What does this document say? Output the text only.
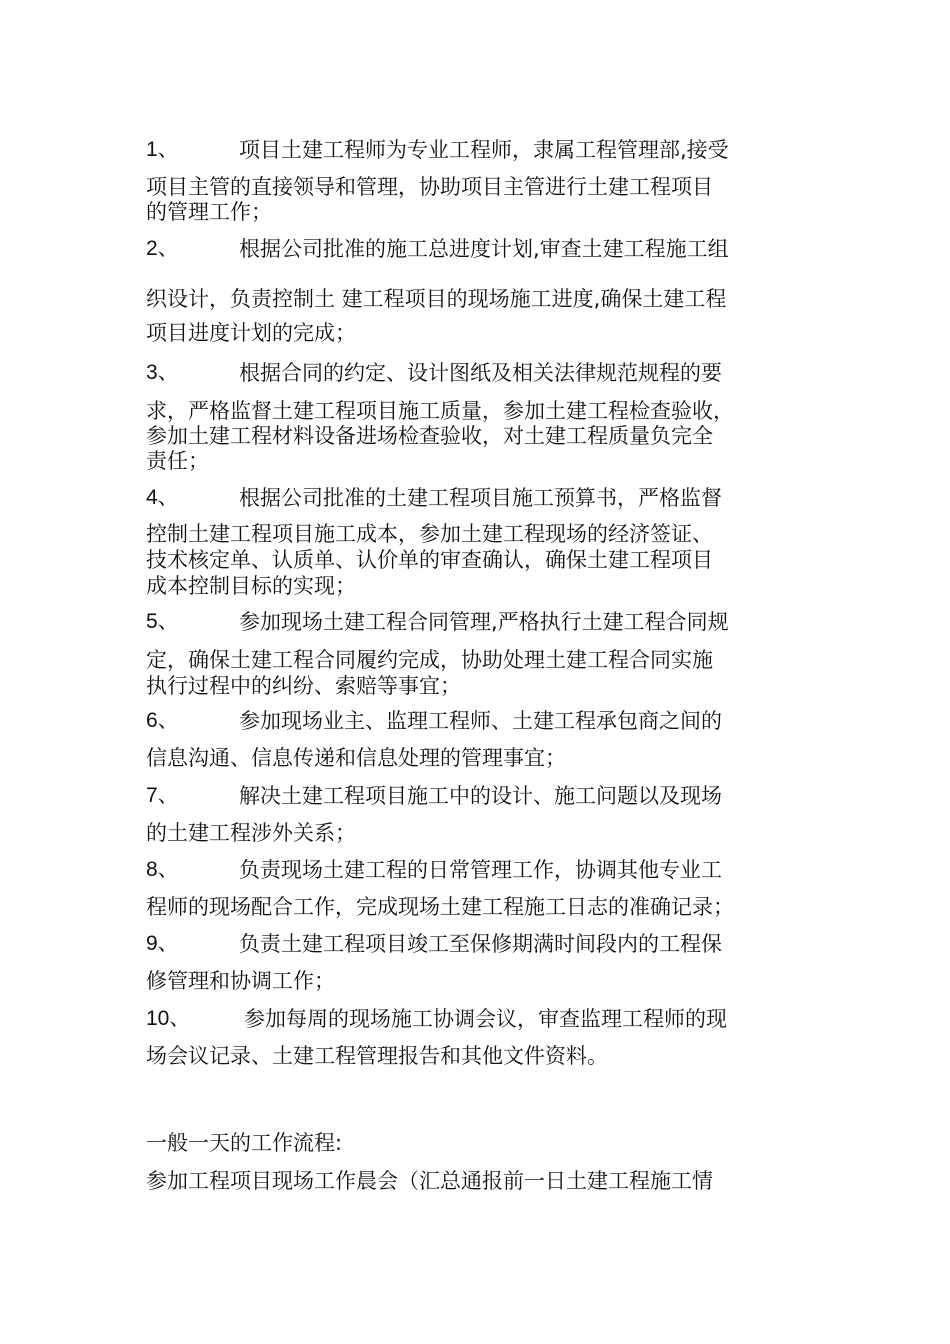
1、	项目土建工程师为专业工程师，隶属工程管理部,接受
项目主管的直接领导和管理，协助项目主管进行土建工程项目
的管理工作；
2、	根据公司批准的施工总进度计划,审查土建工程施工组
织设计，负责控制土 建工程项目的现场施工进度,确保土建工程
项目进度计划的完成；
3、	根据合同的约定、设计图纸及相关法律规范规程的要
求，严格监督土建工程项目施工质量，参加土建工程检查验收，
参加土建工程材料设备进场检查验收，对土建工程质量负完全
责任；
4、	根据公司批准的土建工程项目施工预算书，严格监督
控制土建工程项目施工成本，参加土建工程现场的经济签证、
技术核定单、认质单、认价单的审查确认，确保土建工程项目
成本控制目标的实现；
5、	参加现场土建工程合同管理,严格执行土建工程合同规
定，确保土建工程合同履约完成，协助处理土建工程合同实施
执行过程中的纠纷、索赔等事宜；
6、	参加现场业主、监理工程师、土建工程承包商之间的
信息沟通、信息传递和信息处理的管理事宜；
7、	解决土建工程项目施工中的设计、施工问题以及现场
的土建工程涉外关系；
8、	负责现场土建工程的日常管理工作，协调其他专业工
程师的现场配合工作，完成现场土建工程施工日志的准确记录；
9、	负责土建工程项目竣工至保修期满时间段内的工程保
修管理和协调工作；
10、	参加每周的现场施工协调会议，审查监理工程师的现
场会议记录、土建工程管理报告和其他文件资料。
一般一天的工作流程:
参加工程项目现场工作晨会（汇总通报前一日土建工程施工情
